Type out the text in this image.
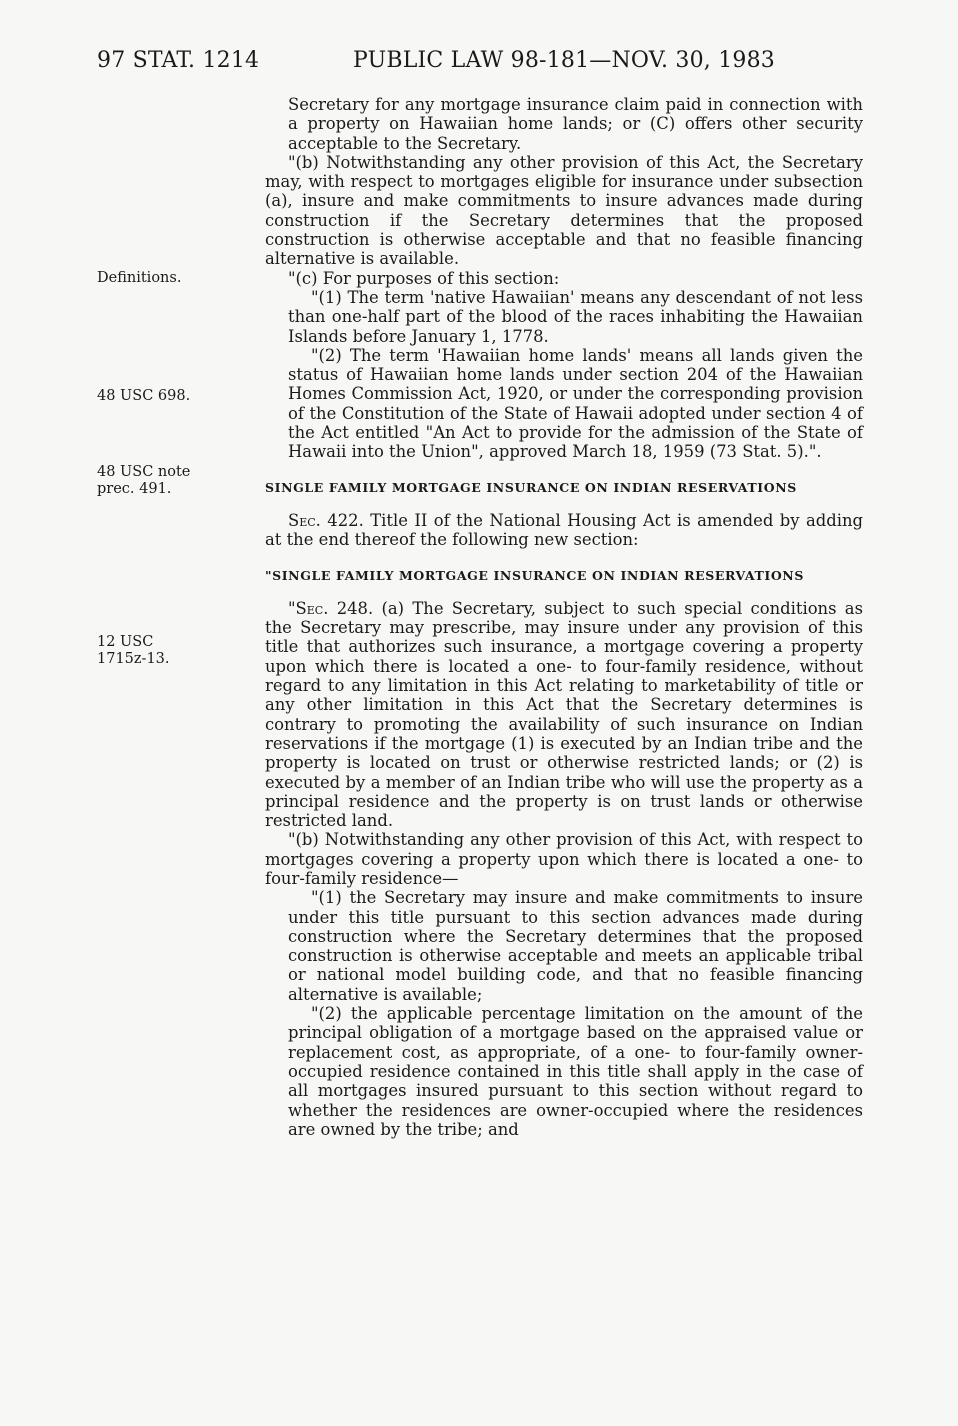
97 STAT. 1214	PUBLIC LAW 98-181—NOV. 30, 1983
Definitions.
48 USC 698.
48 USC note prec. 491.
12 USC 1715z-13.

Secretary for any mortgage insurance claim paid in connection with a property on Hawaiian home lands; or (C) offers other security acceptable to the Secretary.

"(b) Notwithstanding any other provision of this Act, the Secretary may, with respect to mortgages eligible for insurance under subsection (a), insure and make commitments to insure advances made during construction if the Secretary determines that the proposed construction is otherwise acceptable and that no feasible financing alternative is available.

"(c) For purposes of this section:

"(1) The term 'native Hawaiian' means any descendant of not less than one-half part of the blood of the races inhabiting the Hawaiian Islands before January 1, 1778.

"(2) The term 'Hawaiian home lands' means all lands given the status of Hawaiian home lands under section 204 of the Hawaiian Homes Commission Act, 1920, or under the corresponding provision of the Constitution of the State of Hawaii adopted under section 4 of the Act entitled "An Act to provide for the admission of the State of Hawaii into the Union", approved March 18, 1959 (73 Stat. 5).".

SINGLE FAMILY MORTGAGE INSURANCE ON INDIAN RESERVATIONS

Sec. 422. Title II of the National Housing Act is amended by adding at the end thereof the following new section:

"SINGLE FAMILY MORTGAGE INSURANCE ON INDIAN RESERVATIONS

"Sec. 248. (a) The Secretary, subject to such special conditions as the Secretary may prescribe, may insure under any provision of this title that authorizes such insurance, a mortgage covering a property upon which there is located a one- to four-family residence, without regard to any limitation in this Act relating to marketability of title or any other limitation in this Act that the Secretary determines is contrary to promoting the availability of such insurance on Indian reservations if the mortgage (1) is executed by an Indian tribe and the property is located on trust or otherwise restricted lands; or (2) is executed by a member of an Indian tribe who will use the property as a principal residence and the property is on trust lands or otherwise restricted land.

"(b) Notwithstanding any other provision of this Act, with respect to mortgages covering a property upon which there is located a one- to four-family residence—

"(1) the Secretary may insure and make commitments to insure under this title pursuant to this section advances made during construction where the Secretary determines that the proposed construction is otherwise acceptable and meets an applicable tribal or national model building code, and that no feasible financing alternative is available;

"(2) the applicable percentage limitation on the amount of the principal obligation of a mortgage based on the appraised value or replacement cost, as appropriate, of a one- to four-family owner-occupied residence contained in this title shall apply in the case of all mortgages insured pursuant to this section without regard to whether the residences are owner-occupied where the residences are owned by the tribe; and
